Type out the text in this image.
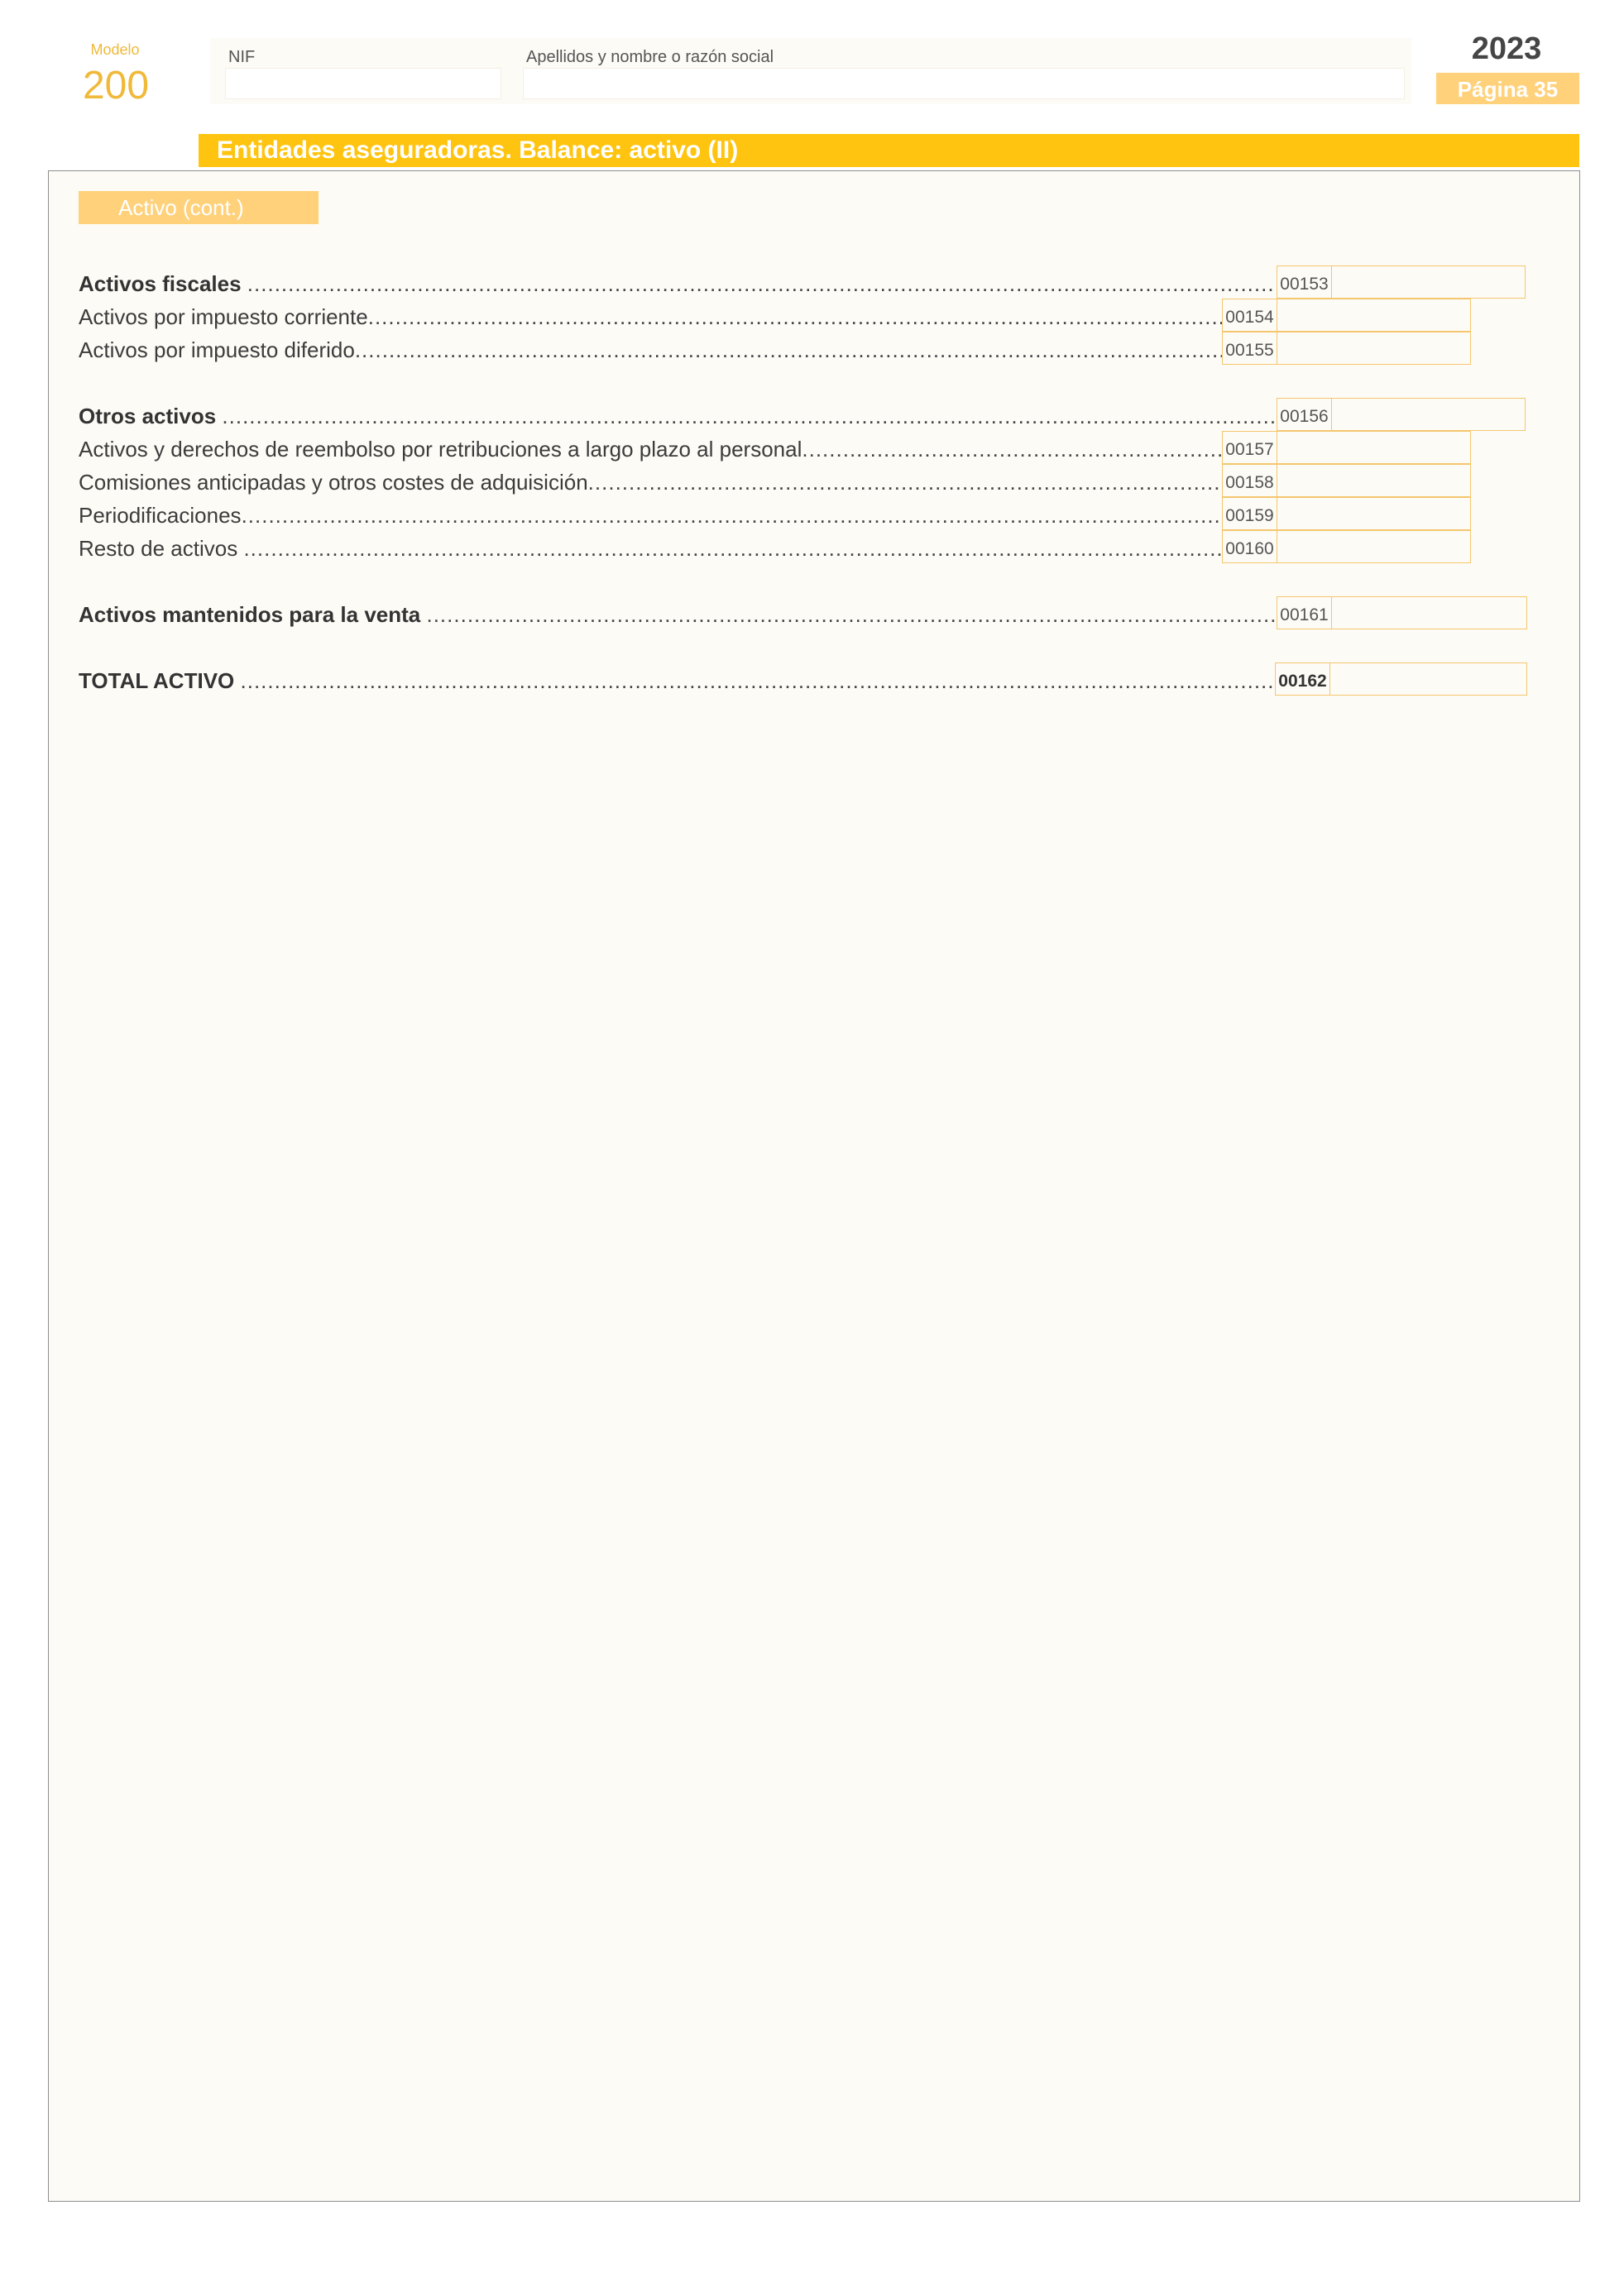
Modelo
200
NIF	Apellidos y nombre o razón social	2023
Página 35
Entidades aseguradoras. Balance: activo (II)
Activo (cont.)
Activos fiscales .....	00153
Activos por impuesto corriente .....	00154
Activos por impuesto diferido .....	00155
Otros activos .....	00156
Activos y derechos de reembolso por retribuciones a largo plazo al personal .....	00157
Comisiones anticipadas y otros costes de adquisición .....	00158
Periodificaciones .....	00159
Resto de activos .....	00160
Activos mantenidos para la venta .....	00161
TOTAL ACTIVO .....	00162
